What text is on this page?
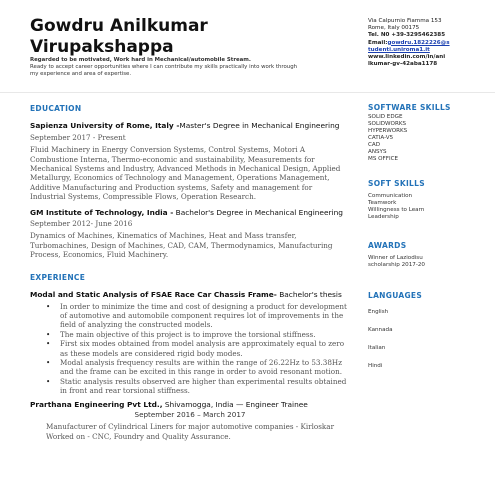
Gowdru Anilkumar
Virupakshappa
Regarded to be motivated, Work hard in Mechanical/automobile Stream.
Ready to accept career opportunities where I can contribute my skills practically into work through
my experience and area of expertise.
Via Calpurnio Fiamma 153
Rome, Italy 00175
Tel. N0 +39-3295462385
Email:gowdru.1822226@s
tudenti.uniroma1.it
www.linkedin.com/in/ani
lkumar-gv-42aba1178
EDUCATION
Sapienza University of Rome, Italy -Master's Degree in Mechanical Engineering
September 2017 - Present
Fluid Machinery in Energy Conversion Systems, Control Systems, Motori A Combustione Interna, Thermo-economic and sustainability, Measurements for Mechanical Systems and Industry, Advanced Methods in Mechanical Design, Applied Metallurgy, Economics of Technology and Management, Operations Management, Additive Manufacturing and Production systems, Safety and management for Industrial Systems, Compressible Flows, Operation Research.
GM Institute of Technology, India - Bachelor's Degree in Mechanical Engineering
September 2012- June 2016
Dynamics of Machines, Kinematics of Machines, Heat and Mass transfer, Turbomachines, Design of Machines, CAD, CAM, Thermodynamics, Manufacturing Process, Economics, Fluid Machinery.
EXPERIENCE
Modal and Static Analysis of FSAE Race Car Chassis Frame- Bachelor's thesis
• In order to minimize the time and cost of designing a product for development of automotive and automobile component requires lot of improvements in the field of analyzing the constructed models.
• The main objective of this project is to improve the torsional stiffness.
• First six modes obtained from model analysis are approximately equal to zero as these models are considered rigid body modes.
• Modal analysis frequency results are within the range of 26.22Hz to 53.38Hz and the frame can be excited in this range in order to avoid resonant motion.
• Static analysis results observed are higher than experimental results obtained in front and rear torsional stiffness.
Prarthana Engineering Pvt Ltd., Shivamogga, India — Engineer Trainee
September 2016 – March 2017
Manufacturer of Cylindrical Liners for major automotive companies - Kirloskar Worked on - CNC, Foundry and Quality Assurance.
SOFTWARE SKILLS
SOLID EDGE
SOLIDWORKS
HYPERWORKS
CATIA-V5
CAD
ANSYS
MS OFFICE
SOFT SKILLS
Communication
Teamwork
Willingness to Learn
Leadership
AWARDS
Winner of Laziodisu
scholarship 2017-20
LANGUAGES
English
Kannada
Italian
Hindi
